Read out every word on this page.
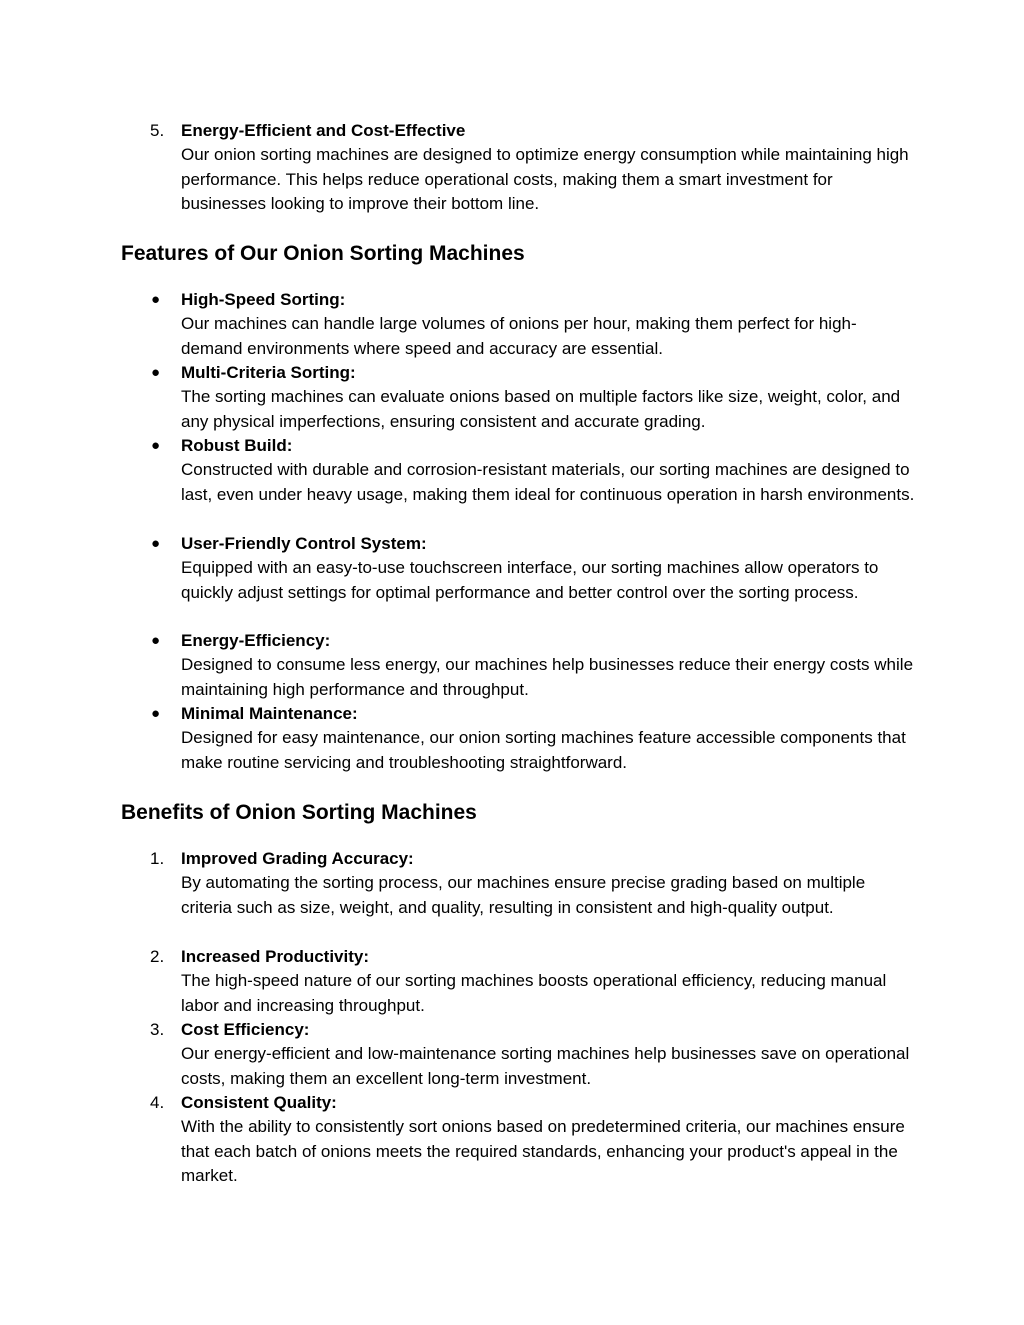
5. Energy-Efficient and Cost-Effective
Our onion sorting machines are designed to optimize energy consumption while maintaining high performance. This helps reduce operational costs, making them a smart investment for businesses looking to improve their bottom line.
Features of Our Onion Sorting Machines
● High-Speed Sorting:
Our machines can handle large volumes of onions per hour, making them perfect for high-demand environments where speed and accuracy are essential.
● Multi-Criteria Sorting:
The sorting machines can evaluate onions based on multiple factors like size, weight, color, and any physical imperfections, ensuring consistent and accurate grading.
● Robust Build:
Constructed with durable and corrosion-resistant materials, our sorting machines are designed to last, even under heavy usage, making them ideal for continuous operation in harsh environments.
● User-Friendly Control System:
Equipped with an easy-to-use touchscreen interface, our sorting machines allow operators to quickly adjust settings for optimal performance and better control over the sorting process.
● Energy-Efficiency:
Designed to consume less energy, our machines help businesses reduce their energy costs while maintaining high performance and throughput.
● Minimal Maintenance:
Designed for easy maintenance, our onion sorting machines feature accessible components that make routine servicing and troubleshooting straightforward.
Benefits of Onion Sorting Machines
1. Improved Grading Accuracy:
By automating the sorting process, our machines ensure precise grading based on multiple criteria such as size, weight, and quality, resulting in consistent and high-quality output.
2. Increased Productivity:
The high-speed nature of our sorting machines boosts operational efficiency, reducing manual labor and increasing throughput.
3. Cost Efficiency:
Our energy-efficient and low-maintenance sorting machines help businesses save on operational costs, making them an excellent long-term investment.
4. Consistent Quality:
With the ability to consistently sort onions based on predetermined criteria, our machines ensure that each batch of onions meets the required standards, enhancing your product's appeal in the market.
